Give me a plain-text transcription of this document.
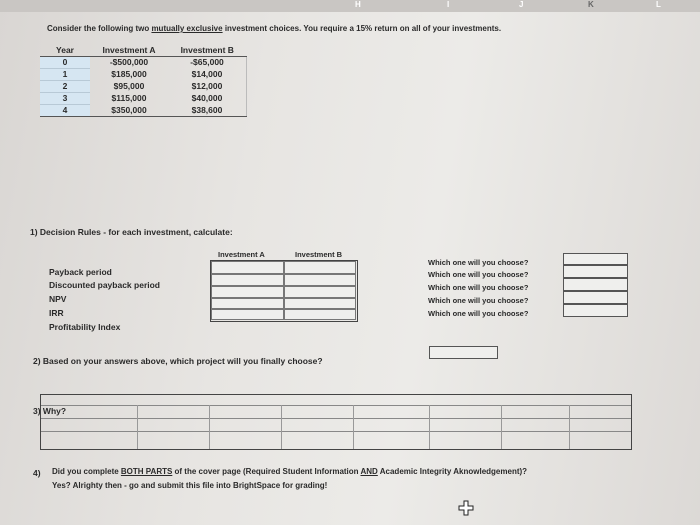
H	I	J	K	L
Consider the following two mutually exclusive investment choices. You require a 15% return on all of your investments.
Year	Investment A	Investment B
0	-$500,000	-$65,000
1	$185,000	$14,000
2	$95,000	$12,000
3	$115,000	$40,000
4	$350,000	$38,600
1) Decision Rules - for each investment, calculate:
Investment A	Investment B
Payback period
Discounted payback period
NPV
IRR
Profitability Index
Which one will you choose?
Which one will you choose?
Which one will you choose?
Which one will you choose?
Which one will you choose?
2) Based on your answers above, which project will you finally choose?
3) Why?
4) Did you complete BOTH PARTS of the cover page (Required Student Information AND Academic Integrity Aknowledgement)?
Yes? Alrighty then - go and submit this file into BrightSpace for grading!
